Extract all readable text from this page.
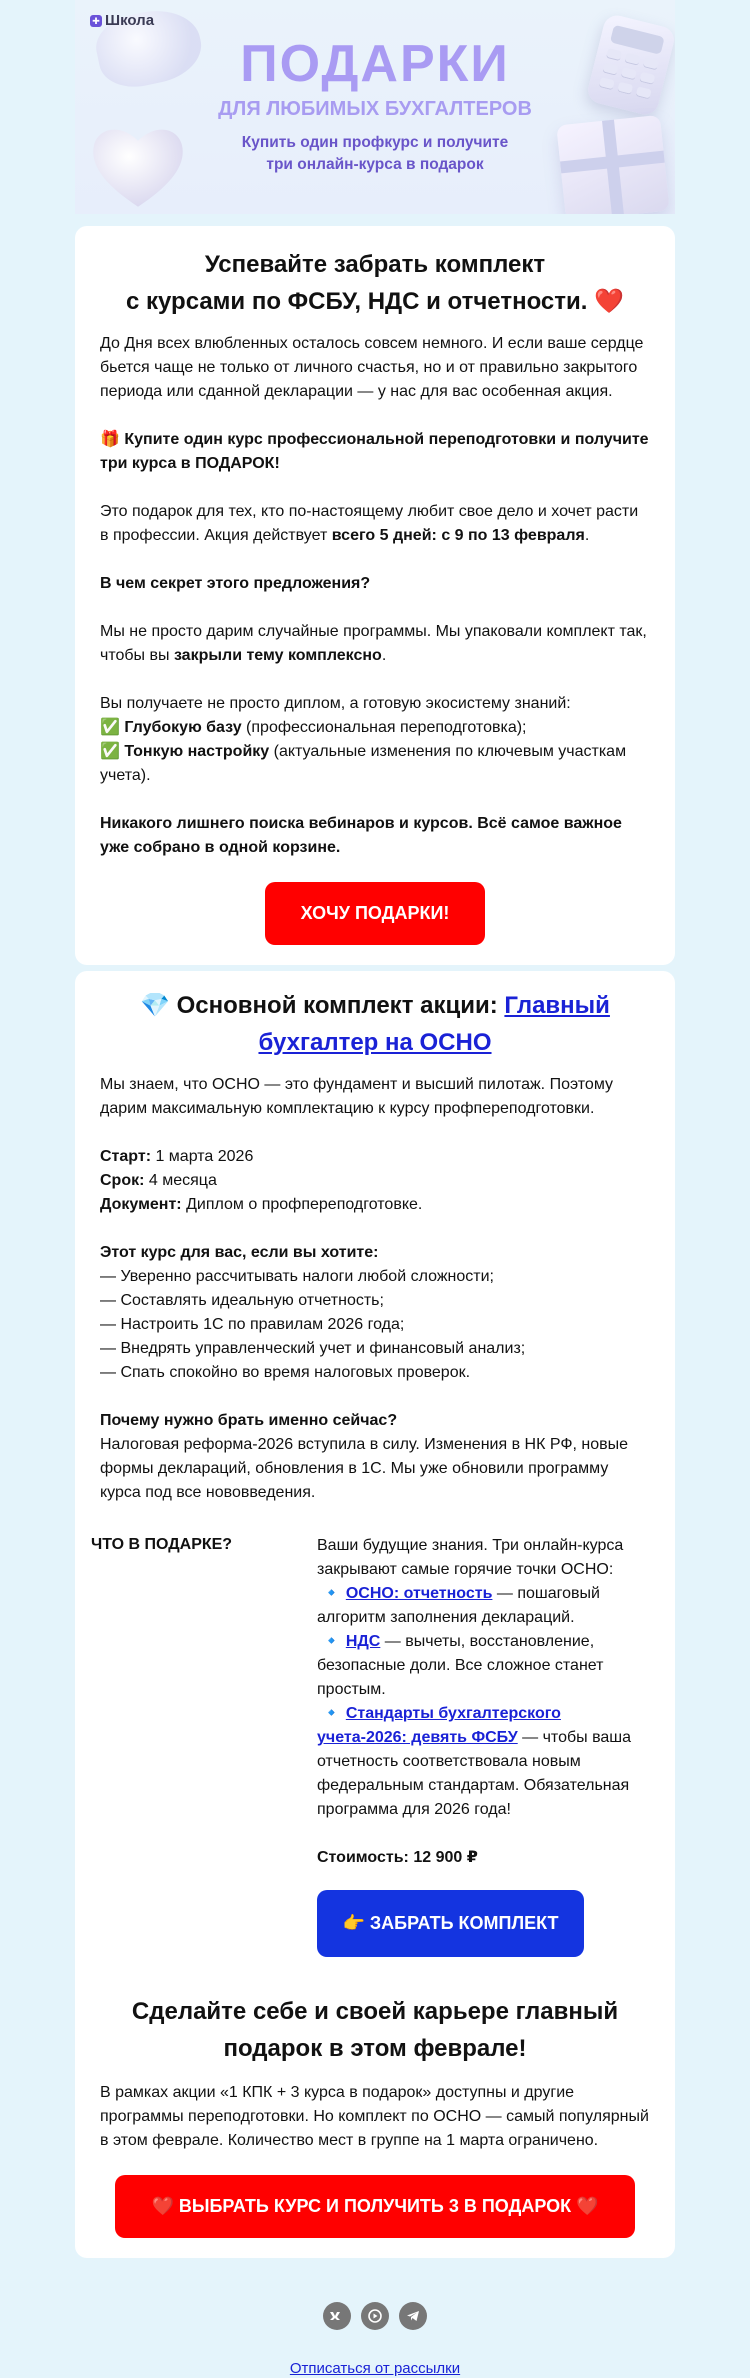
✚ Школа
ПОДАРКИ
ДЛЯ ЛЮБИМЫХ БУХГАЛТЕРОВ
Купить один профкурс и получите
три онлайн-курса в подарок
Успевайте забрать комплект
с курсами по ФСБУ, НДС и отчетности. ❤️

До Дня всех влюбленных осталось совсем немного. И если ваше сердце бьется чаще не только от личного счастья, но и от правильно закрытого периода или сданной декларации — у нас для вас особенная акция.

🎁 Купите один курс профессиональной переподготовки и получите три курса в ПОДАРОК!

Это подарок для тех, кто по-настоящему любит свое дело и хочет расти в профессии. Акция действует всего 5 дней: с 9 по 13 февраля.

В чем секрет этого предложения?

Мы не просто дарим случайные программы. Мы упаковали комплект так, чтобы вы закрыли тему комплексно.

Вы получаете не просто диплом, а готовую экосистему знаний:
✅ Глубокую базу (профессиональная переподготовка);
✅ Тонкую настройку (актуальные изменения по ключевым участкам учета).

Никакого лишнего поиска вебинаров и курсов. Всё самое важное уже собрано в одной корзине.

ХОЧУ ПОДАРКИ!
💎 Основной комплект акции: Главный бухгалтер на ОСНО

Мы знаем, что ОСНО — это фундамент и высший пилотаж. Поэтому дарим максимальную комплектацию к курсу профпереподготовки.

Старт: 1 марта 2026
Срок: 4 месяца
Документ: Диплом о профпереподготовке.

Этот курс для вас, если вы хотите:
— Уверенно рассчитывать налоги любой сложности;
— Составлять идеальную отчетность;
— Настроить 1С по правилам 2026 года;
— Внедрять управленческий учет и финансовый анализ;
— Спать спокойно во время налоговых проверок.
Почему нужно брать именно сейчас?
Налоговая реформа-2026 вступила в силу. Изменения в НК РФ, новые формы деклараций, обновления в 1С. Мы уже обновили программу курса под все нововведения.
ЧТО В ПОДАРКЕ?	Ваши будущие знания. Три онлайн-курса закрывают самые горячие точки ОСНО:
🔹 ОСНО: отчетность — пошаговый алгоритм заполнения деклараций.
🔹 НДС — вычеты, восстановление, безопасные доли. Все сложное станет простым.
🔹 Стандарты бухгалтерского учета-2026: девять ФСБУ — чтобы ваша отчетность соответствовала новым федеральным стандартам. Обязательная программа для 2026 года!
Стоимость: 12 900 ₽
👉 ЗАБРАТЬ КОМПЛЕКТ
Сделайте себе и своей карьере главный
подарок в этом феврале!

В рамках акции «1 КПК + 3 курса в подарок» доступны и другие программы переподготовки. Но комплект по ОСНО — самый популярный в этом феврале. Количество мест в группе на 1 марта ограничено.

❤️ ВЫБРАТЬ КУРС И ПОЛУЧИТЬ 3 В ПОДАРОК ❤️
Отписаться от рассылки
